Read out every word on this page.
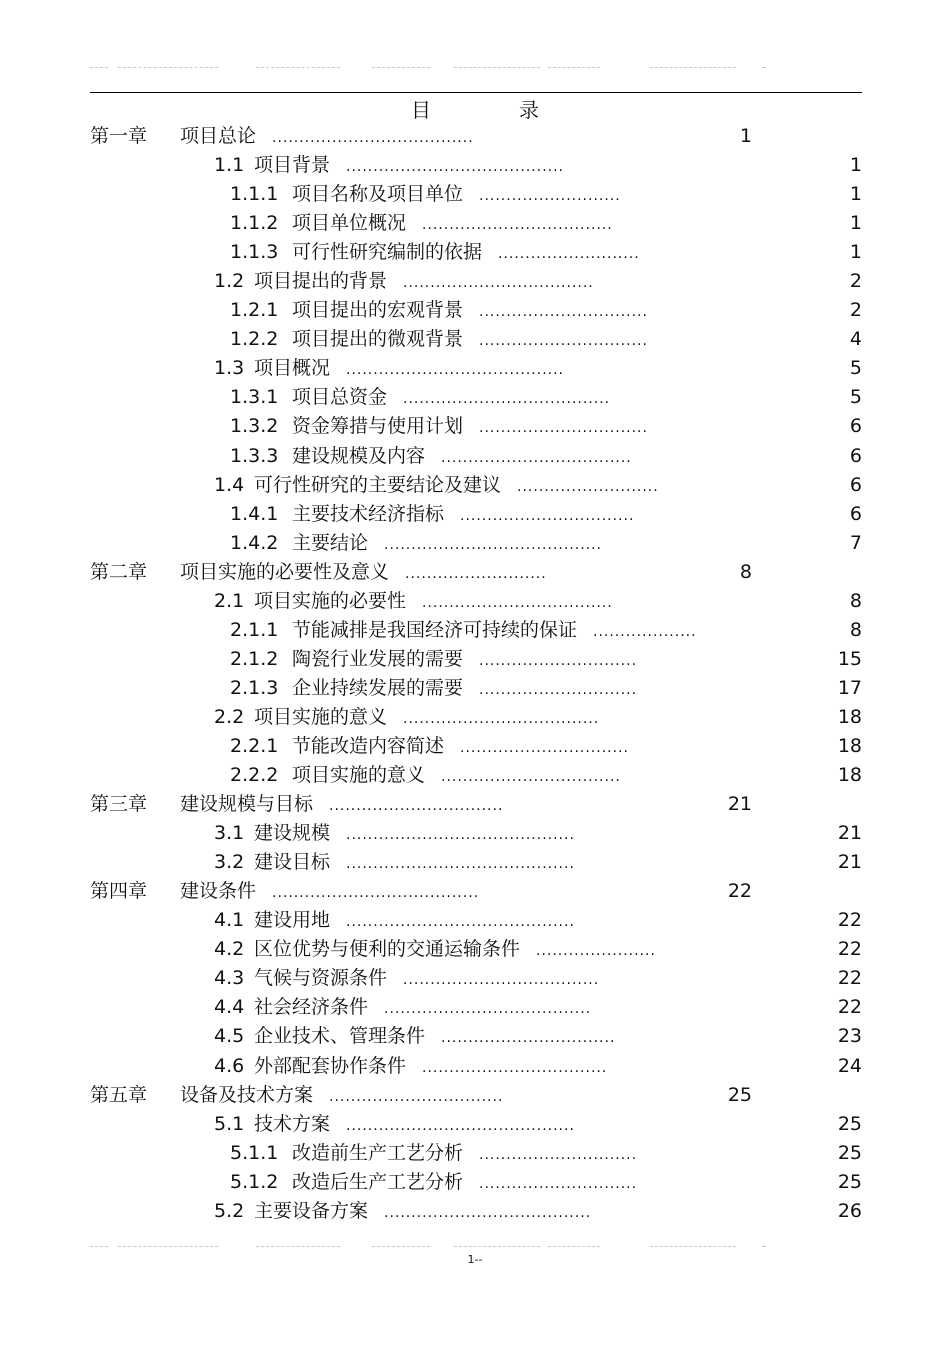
目　录
第一章 项目总论 .....................................	1
1.1 项目背景 ........................................	1
1.1.1 项目名称及项目单位 ..........................	1
1.1.2 项目单位概况 ...................................	1
1.1.3 可行性研究编制的依据 ..........................	1
1.2 项目提出的背景 ...................................	2
1.2.1 项目提出的宏观背景 ...............................	2
1.2.2 项目提出的微观背景 ...............................	4
1.3 项目概况 ........................................	5
1.3.1 项目总资金 ......................................	5
1.3.2 资金筹措与使用计划 ...............................	6
1.3.3 建设规模及内容 ...................................	6
1.4 可行性研究的主要结论及建议 ..........................	6
1.4.1 主要技术经济指标 ................................	6
1.4.2 主要结论 ........................................	7
第二章 项目实施的必要性及意义 ..........................	8
2.1 项目实施的必要性 ...................................	8
2.1.1 节能减排是我国经济可持续的保证 ...................	8
2.1.2 陶瓷行业发展的需要 .............................	15
2.1.3 企业持续发展的需要 .............................	17
2.2 项目实施的意义 ....................................	18
2.2.1 节能改造内容简述 ...............................	18
2.2.2 项目实施的意义 .................................	18
第三章 建设规模与目标 ................................	21
3.1 建设规模 ..........................................	21
3.2 建设目标 ..........................................	21
第四章 建设条件 ......................................	22
4.1 建设用地 ..........................................	22
4.2 区位优势与便利的交通运输条件 ......................	22
4.3 气候与资源条件 ....................................	22
4.4 社会经济条件 ......................................	22
4.5 企业技术、管理条件 ................................	23
4.6 外部配套协作条件 ..................................	24
第五章 设备及技术方案 ................................	25
5.1 技术方案 ..........................................	25
5.1.1 改造前生产工艺分析 .............................	25
5.1.2 改造后生产工艺分析 .............................	25
5.2 主要设备方案 ......................................	26
1--
